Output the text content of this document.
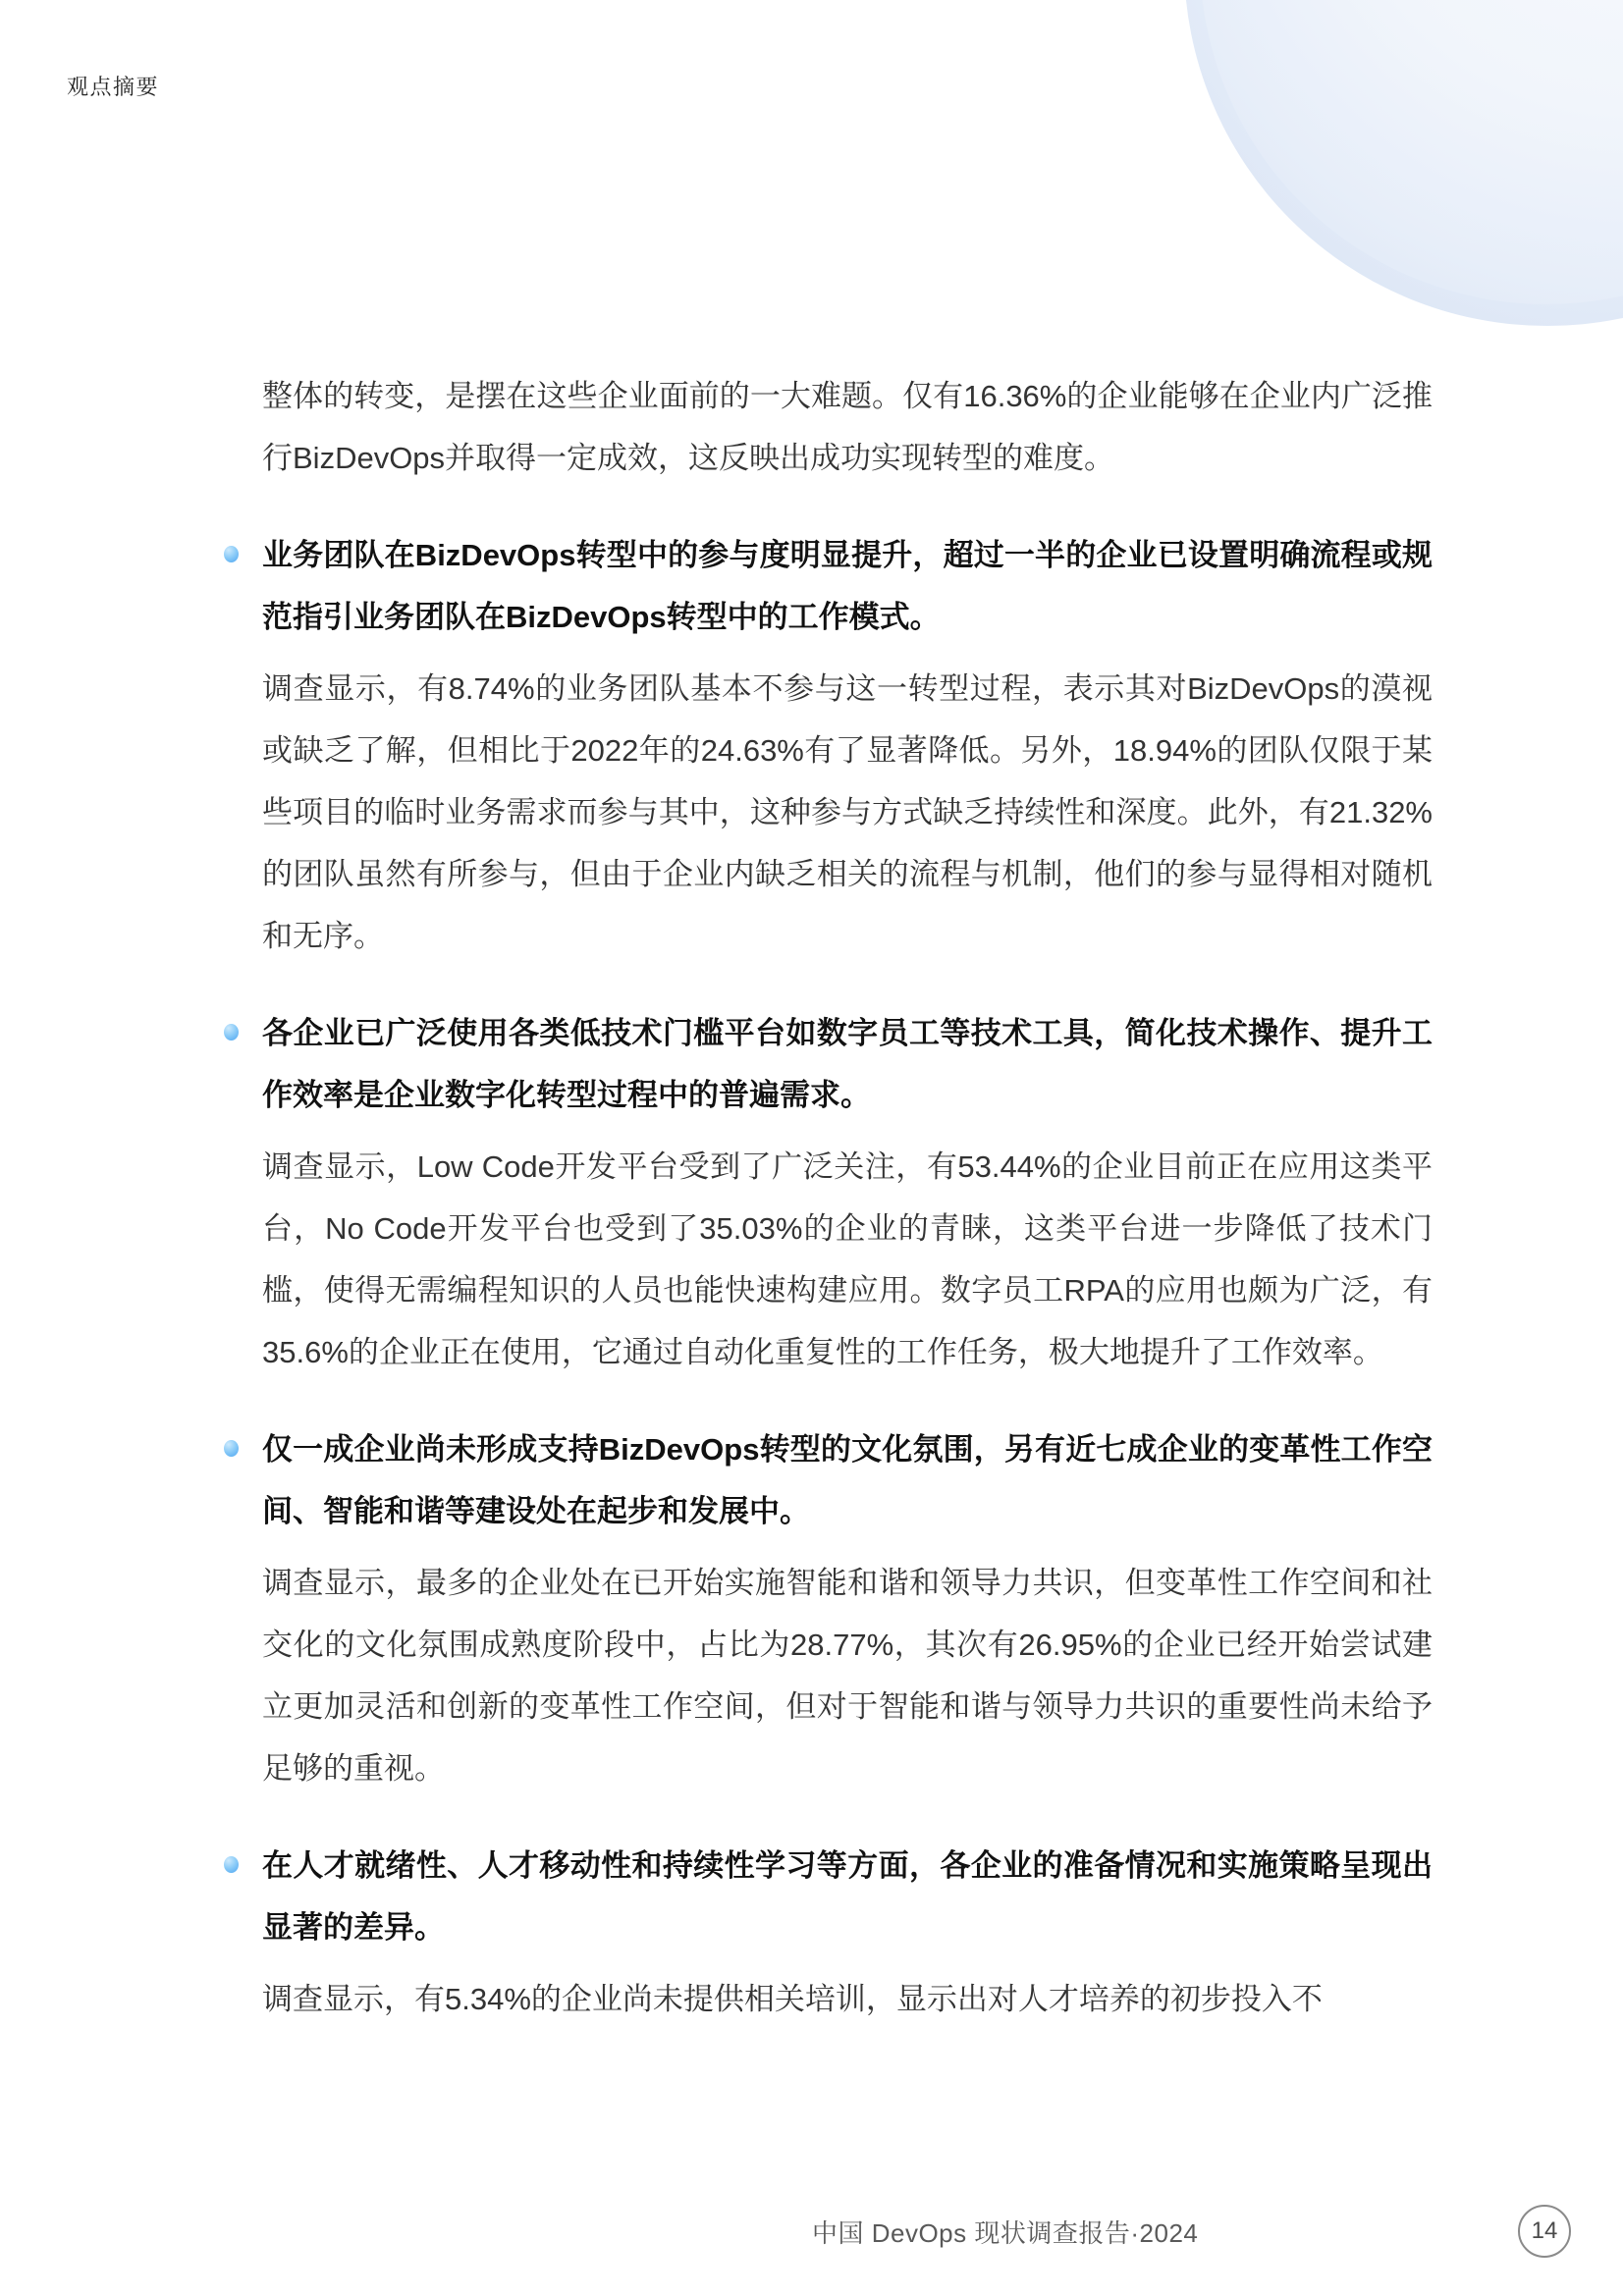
观点摘要

整体的转变，是摆在这些企业面前的一大难题。仅有16.36%的企业能够在企业内广泛推行BizDevOps并取得一定成效，这反映出成功实现转型的难度。

业务团队在BizDevOps转型中的参与度明显提升，超过一半的企业已设置明确流程或规范指引业务团队在BizDevOps转型中的工作模式。

调查显示，有8.74%的业务团队基本不参与这一转型过程，表示其对BizDevOps的漠视或缺乏了解，但相比于2022年的24.63%有了显著降低。另外，18.94%的团队仅限于某些项目的临时业务需求而参与其中，这种参与方式缺乏持续性和深度。此外，有21.32%的团队虽然有所参与，但由于企业内缺乏相关的流程与机制，他们的参与显得相对随机和无序。

各企业已广泛使用各类低技术门槛平台如数字员工等技术工具，简化技术操作、提升工作效率是企业数字化转型过程中的普遍需求。

调查显示，Low Code开发平台受到了广泛关注，有53.44%的企业目前正在应用这类平台，No Code开发平台也受到了35.03%的企业的青睐，这类平台进一步降低了技术门槛，使得无需编程知识的人员也能快速构建应用。数字员工RPA的应用也颇为广泛，有35.6%的企业正在使用，它通过自动化重复性的工作任务，极大地提升了工作效率。

仅一成企业尚未形成支持BizDevOps转型的文化氛围，另有近七成企业的变革性工作空间、智能和谐等建设处在起步和发展中。

调查显示，最多的企业处在已开始实施智能和谐和领导力共识，但变革性工作空间和社交化的文化氛围成熟度阶段中，占比为28.77%，其次有26.95%的企业已经开始尝试建立更加灵活和创新的变革性工作空间，但对于智能和谐与领导力共识的重要性尚未给予足够的重视。

在人才就绪性、人才移动性和持续性学习等方面，各企业的准备情况和实施策略呈现出显著的差异。

调查显示，有5.34%的企业尚未提供相关培训，显示出对人才培养的初步投入不

中国 DevOps 现状调查报告·2024	14
